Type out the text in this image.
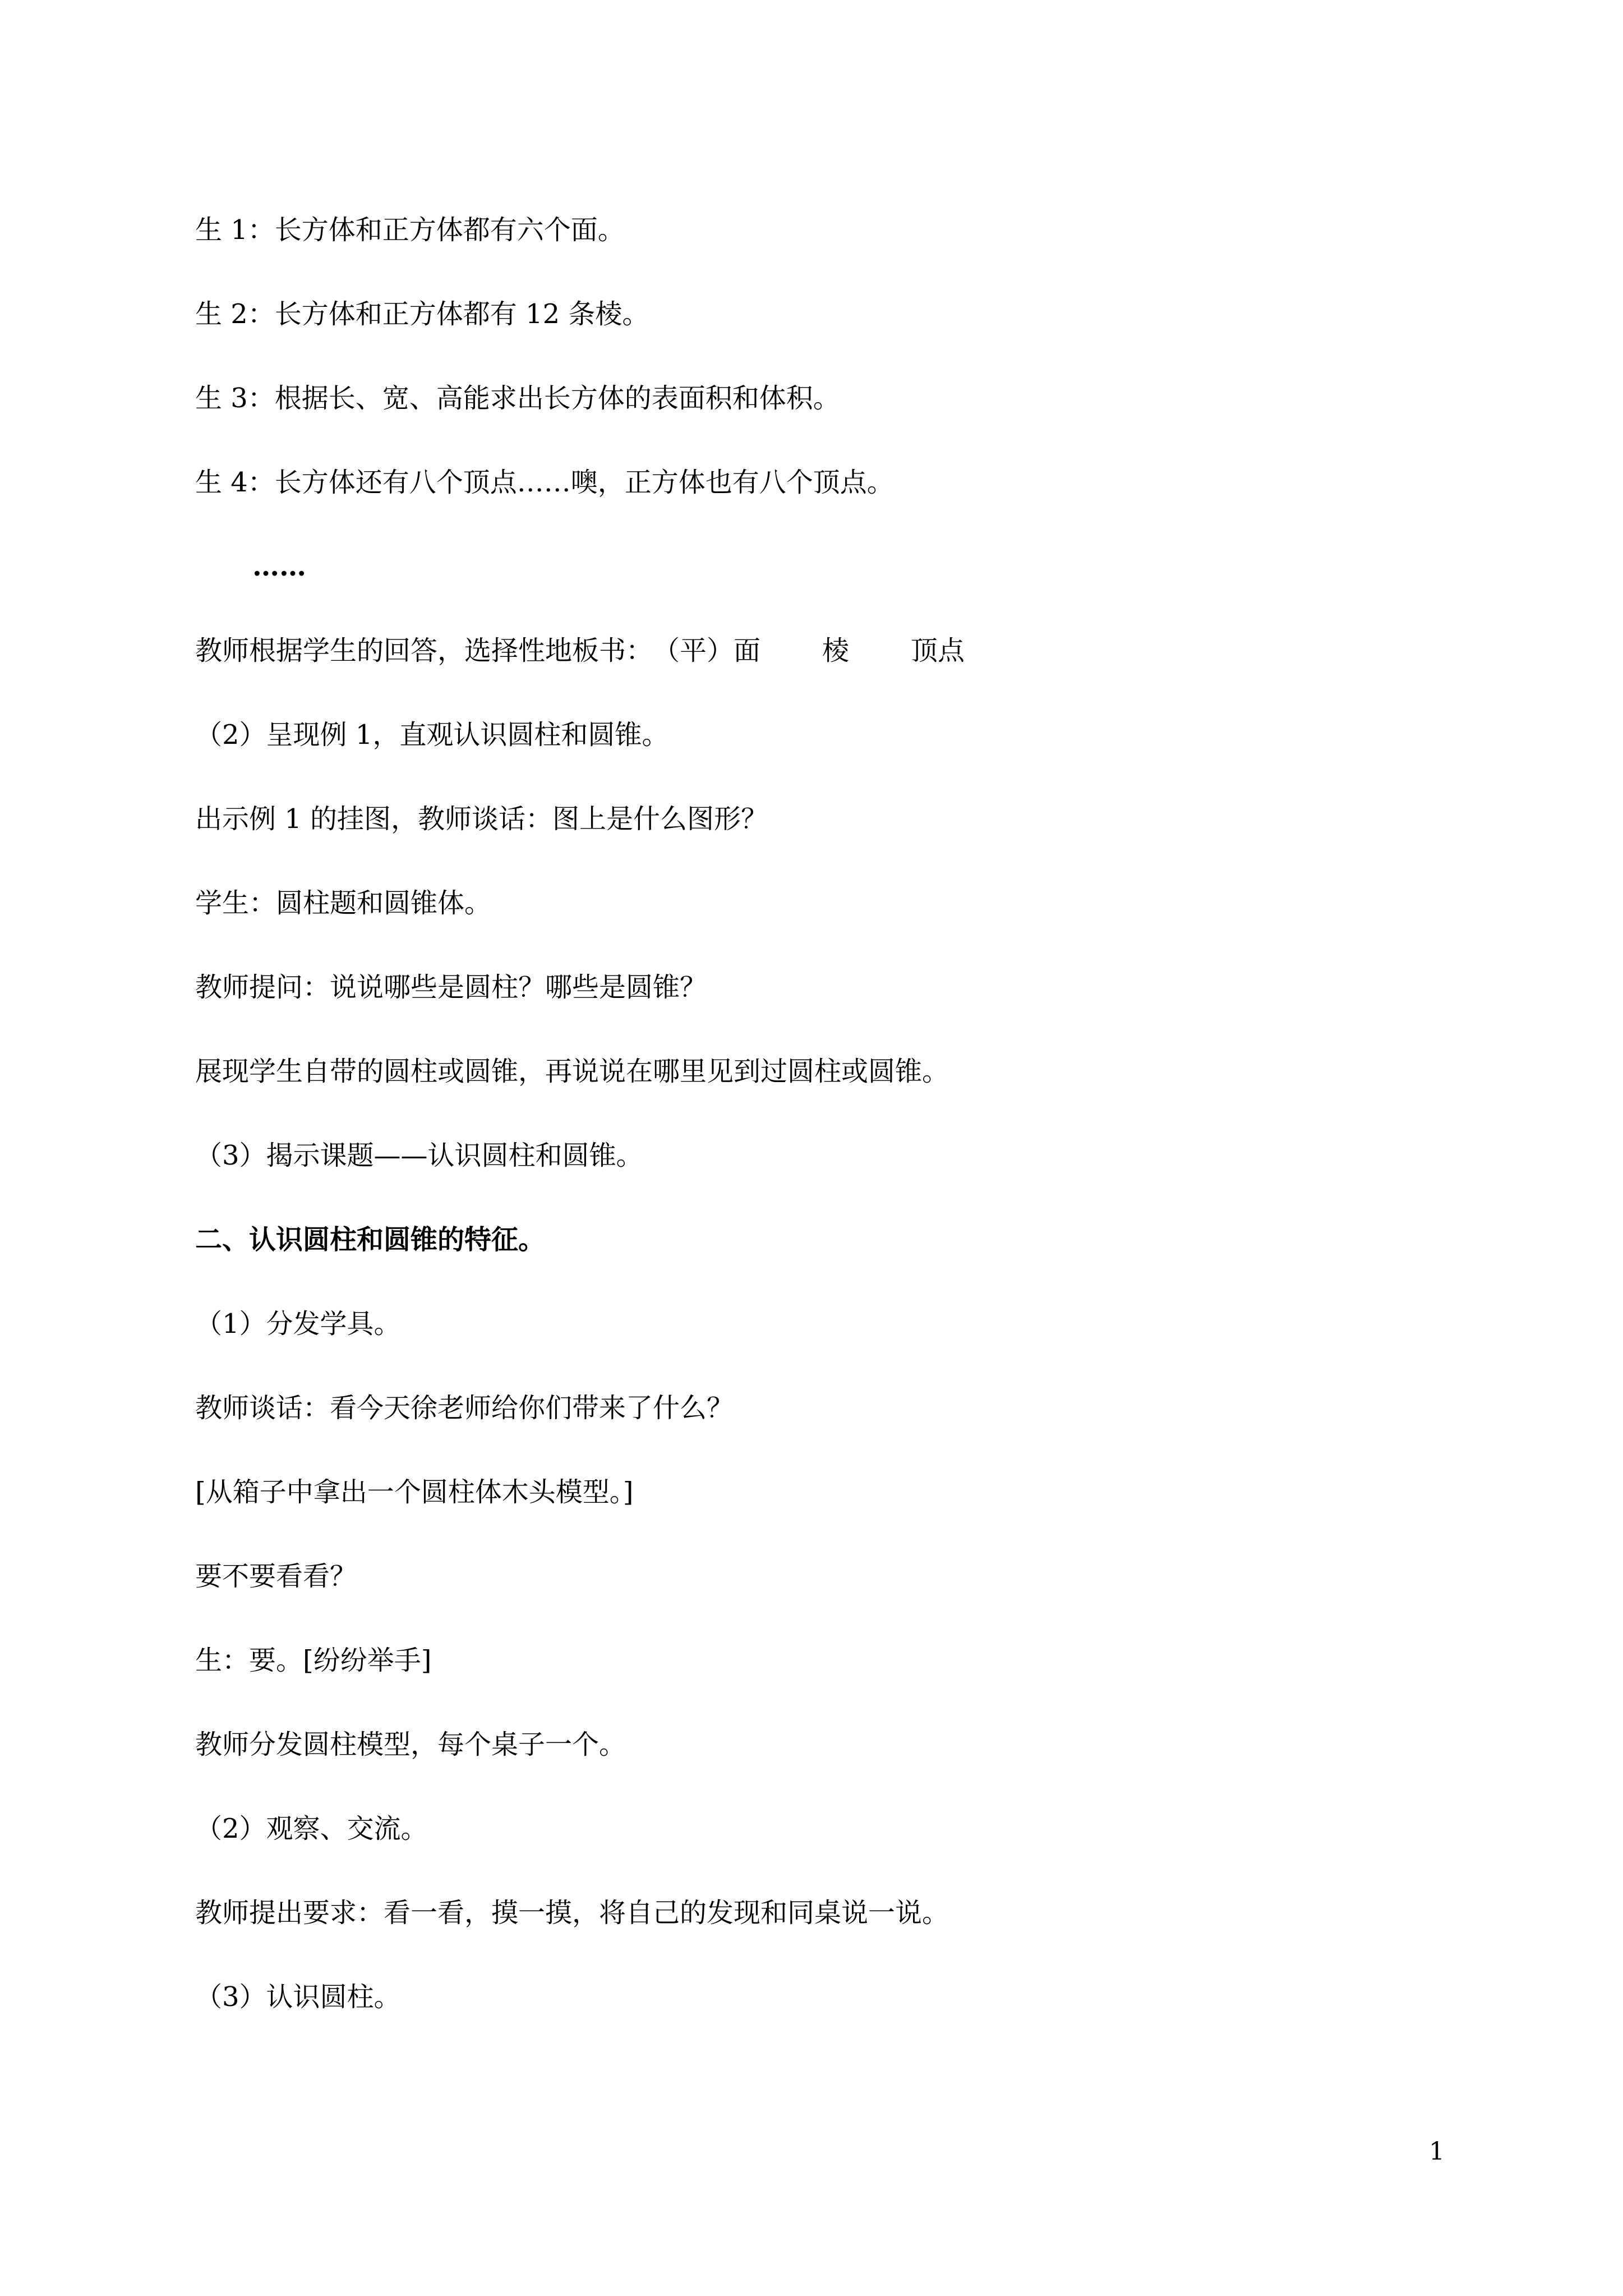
生 1：长方体和正方体都有六个面。

生 2：长方体和正方体都有 12 条棱。

生 3：根据长、宽、高能求出长方体的表面积和体积。

生 4：长方体还有八个顶点……噢，正方体也有八个顶点。

……

教师根据学生的回答，选择性地板书：（平）面 棱 顶点

（2）呈现例 1，直观认识圆柱和圆锥。

出示例 1 的挂图，教师谈话：图上是什么图形？

学生：圆柱题和圆锥体。

教师提问：说说哪些是圆柱？哪些是圆锥？

展现学生自带的圆柱或圆锥，再说说在哪里见到过圆柱或圆锥。

（3）揭示课题——认识圆柱和圆锥。

二、认识圆柱和圆锥的特征。

（1）分发学具。

教师谈话：看今天徐老师给你们带来了什么？

[从箱子中拿出一个圆柱体木头模型。]

要不要看看？

生：要。[纷纷举手]

教师分发圆柱模型，每个桌子一个。

（2）观察、交流。

教师提出要求：看一看，摸一摸，将自己的发现和同桌说一说。

（3）认识圆柱。

1
